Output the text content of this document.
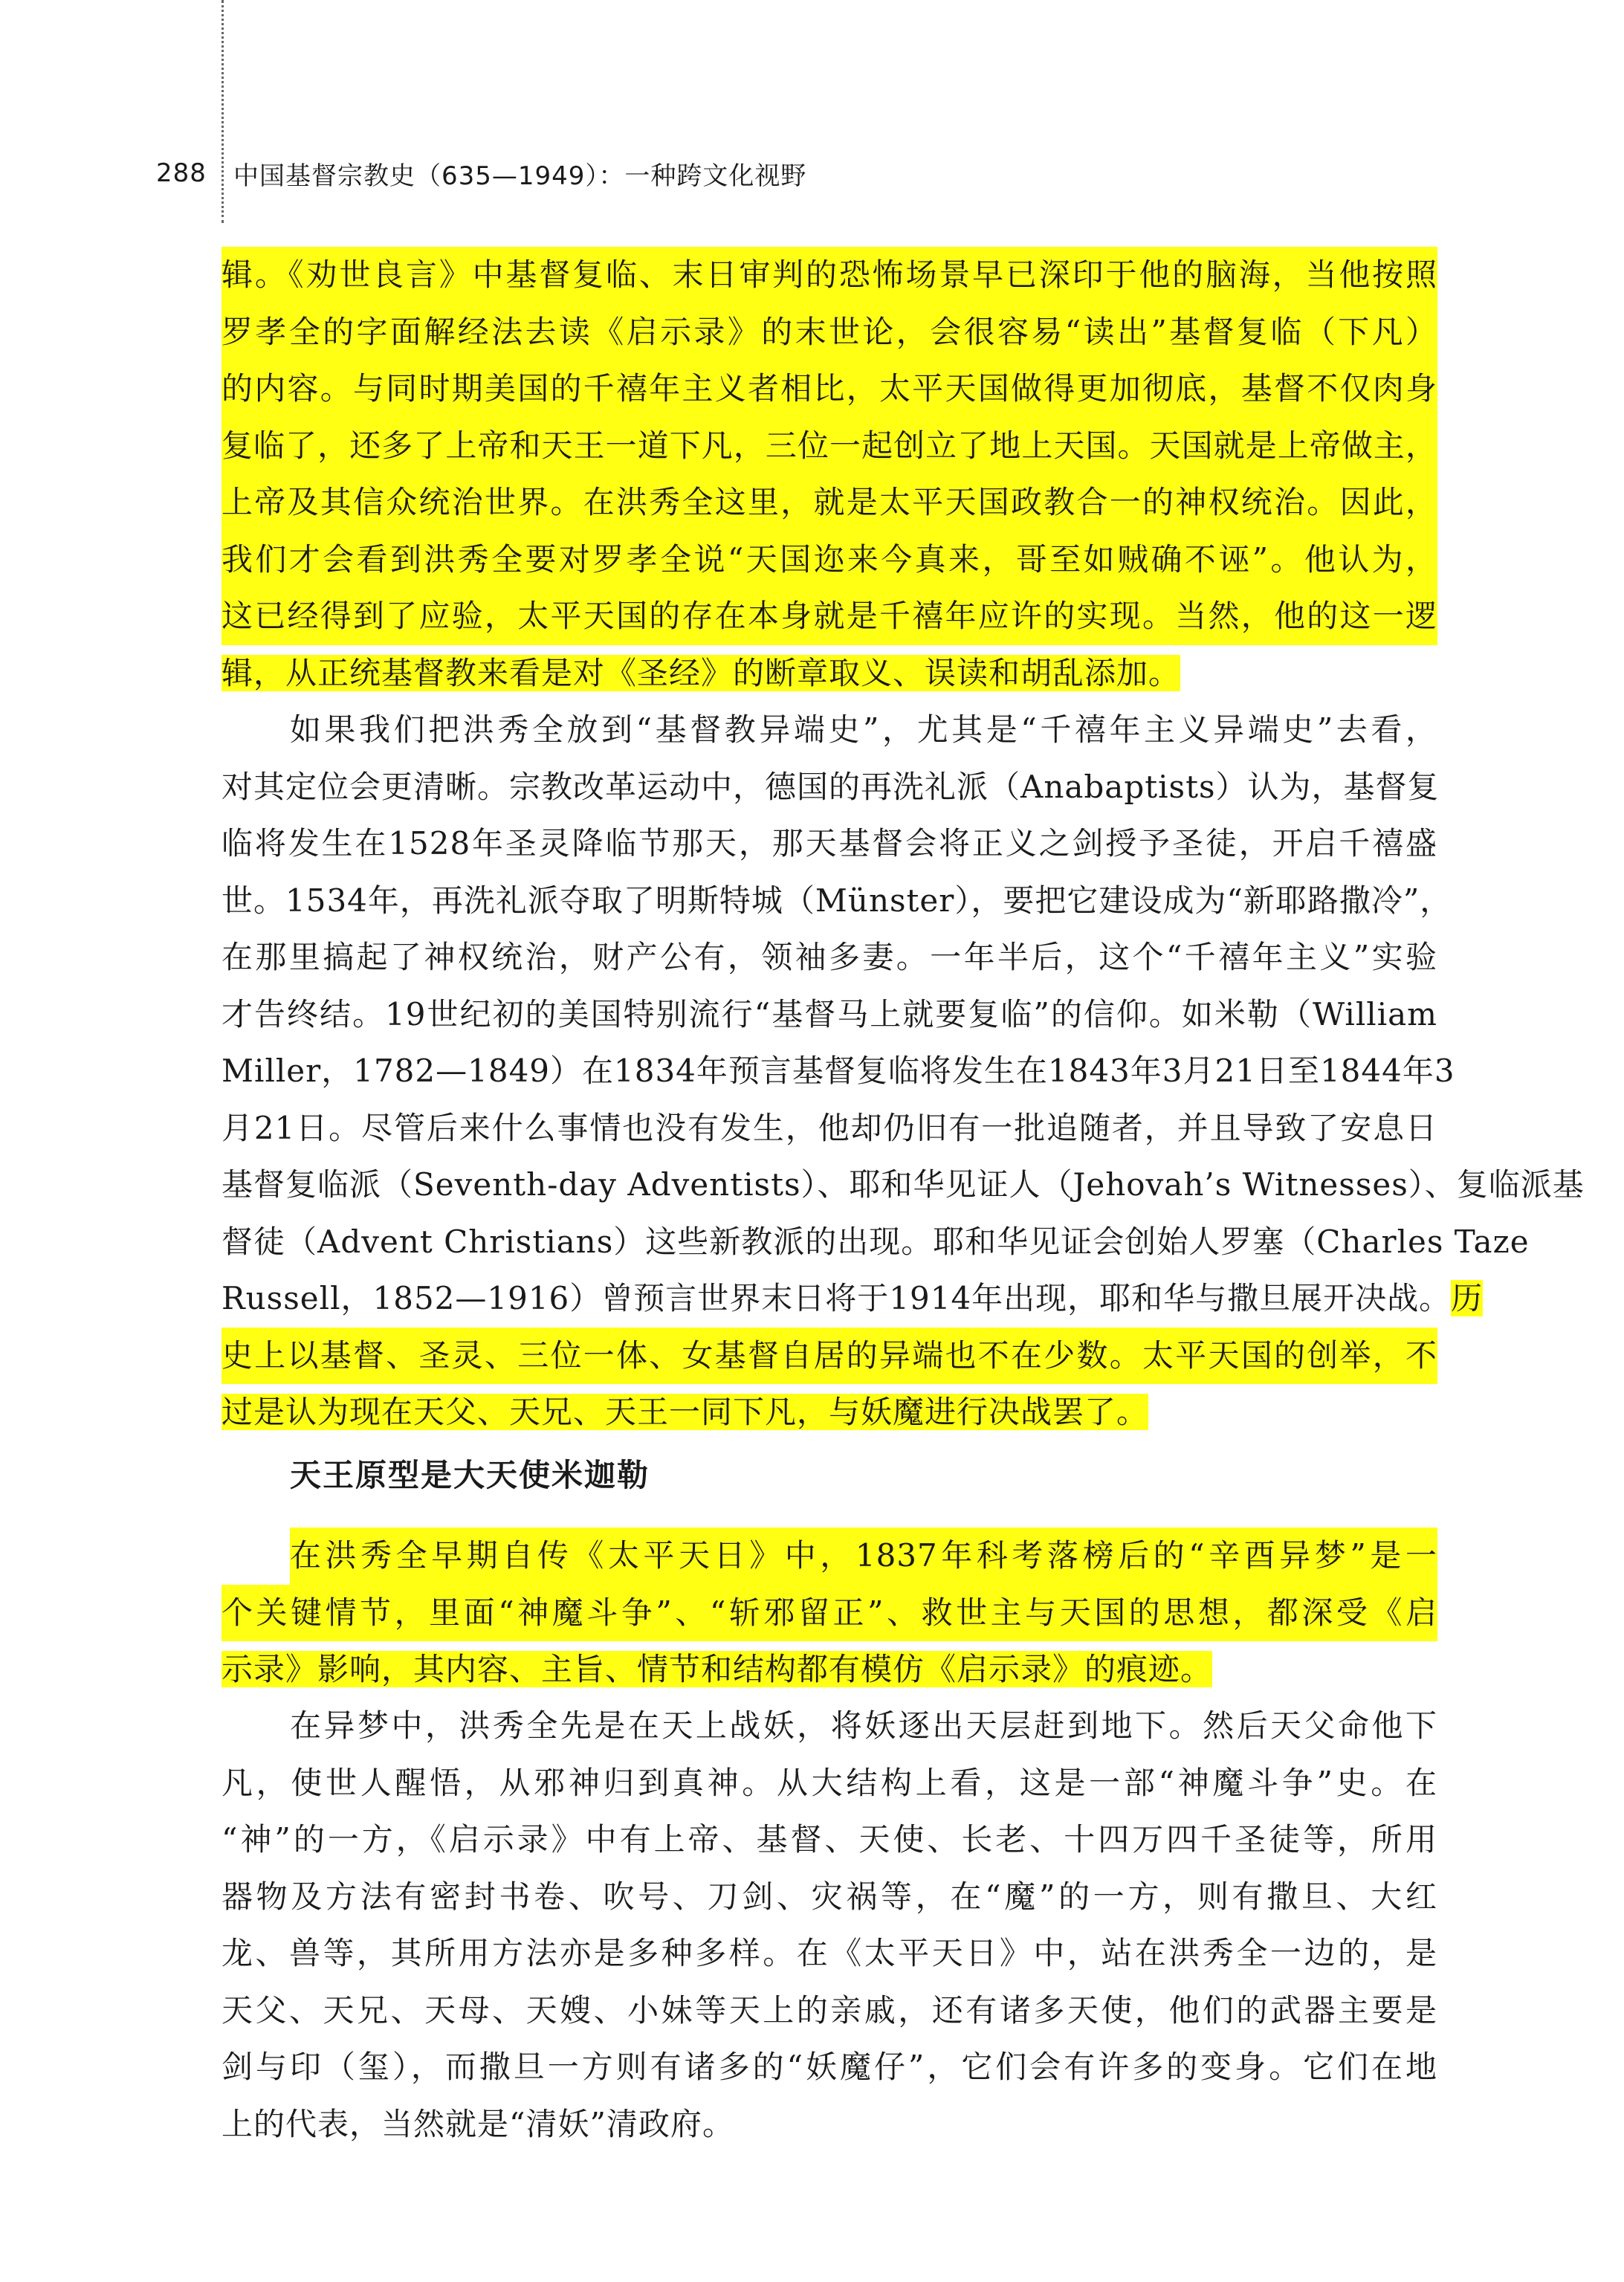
288	中国基督宗教史（635—1949）：一种跨文化视野
辑。《劝世良言》中基督复临、末日审判的恐怖场景早已深印于他的脑海，当他按照
罗孝全的字面解经法去读《启示录》的末世论，会很容易“读出”基督复临（下凡）
的内容。与同时期美国的千禧年主义者相比，太平天国做得更加彻底，基督不仅肉身
复临了，还多了上帝和天王一道下凡，三位一起创立了地上天国。天国就是上帝做主，
上帝及其信众统治世界。在洪秀全这里，就是太平天国政教合一的神权统治。因此，
我们才会看到洪秀全要对罗孝全说“天国迩来今真来，哥至如贼确不诬”。他认为，
这已经得到了应验，太平天国的存在本身就是千禧年应许的实现。当然，他的这一逻
辑，从正统基督教来看是对《圣经》的断章取义、误读和胡乱添加。
如果我们把洪秀全放到“基督教异端史”，尤其是“千禧年主义异端史”去看，
对其定位会更清晰。宗教改革运动中，德国的再洗礼派（Anabaptists）认为，基督复
临将发生在1528年圣灵降临节那天，那天基督会将正义之剑授予圣徒，开启千禧盛
世。1534年，再洗礼派夺取了明斯特城（Münster），要把它建设成为“新耶路撒冷”，
在那里搞起了神权统治，财产公有，领袖多妻。一年半后，这个“千禧年主义”实验
才告终结。19世纪初的美国特别流行“基督马上就要复临”的信仰。如米勒（William
Miller，1782—1849）在1834年预言基督复临将发生在1843年3月21日至1844年3
月21日。尽管后来什么事情也没有发生，他却仍旧有一批追随者，并且导致了安息日
基督复临派（Seventh-day Adventists）、耶和华见证人（Jehovah’s Witnesses）、复临派基
督徒（Advent Christians）这些新教派的出现。耶和华见证会创始人罗塞（Charles Taze
Russell，1852—1916）曾预言世界末日将于1914年出现，耶和华与撒旦展开决战。历
史上以基督、圣灵、三位一体、女基督自居的异端也不在少数。太平天国的创举，不
过是认为现在天父、天兄、天王一同下凡，与妖魔进行决战罢了。
天王原型是大天使米迦勒
在洪秀全早期自传《太平天日》中，1837年科考落榜后的“辛酉异梦”是一
个关键情节，里面“神魔斗争”、“斩邪留正”、救世主与天国的思想，都深受《启
示录》影响，其内容、主旨、情节和结构都有模仿《启示录》的痕迹。
在异梦中，洪秀全先是在天上战妖，将妖逐出天层赶到地下。然后天父命他下
凡，使世人醒悟，从邪神归到真神。从大结构上看，这是一部“神魔斗争”史。在
“神”的一方，《启示录》中有上帝、基督、天使、长老、十四万四千圣徒等，所用
器物及方法有密封书卷、吹号、刀剑、灾祸等，在“魔”的一方，则有撒旦、大红
龙、兽等，其所用方法亦是多种多样。在《太平天日》中，站在洪秀全一边的，是
天父、天兄、天母、天嫂、小妹等天上的亲戚，还有诸多天使，他们的武器主要是
剑与印（玺），而撒旦一方则有诸多的“妖魔仔”，它们会有许多的变身。它们在地
上的代表，当然就是“清妖”清政府。
